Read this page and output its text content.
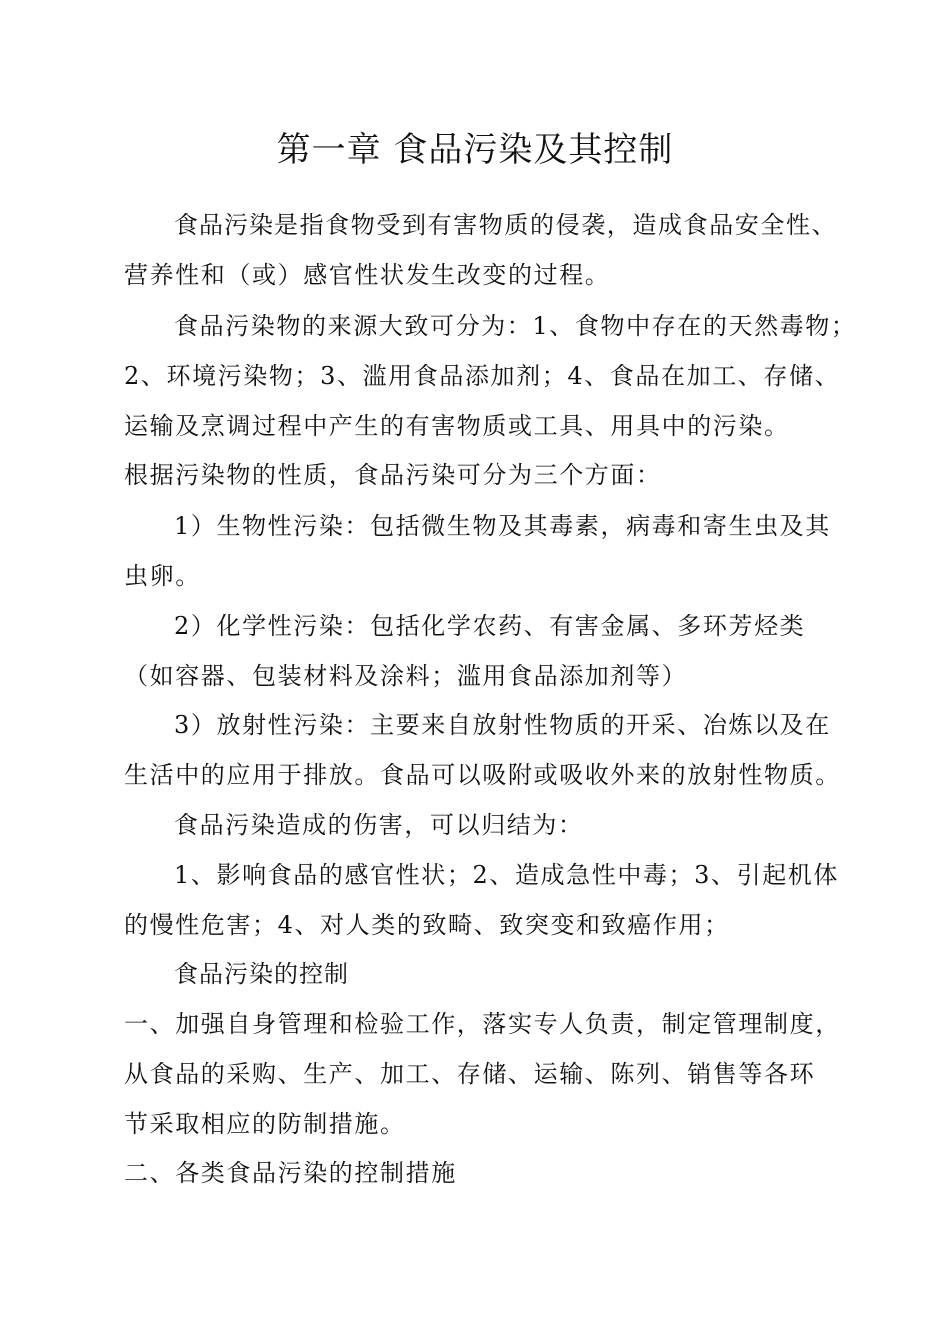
第一章 食品污染及其控制
食品污染是指食物受到有害物质的侵袭，造成食品安全性、
营养性和（或）感官性状发生改变的过程。
食品污染物的来源大致可分为：1、食物中存在的天然毒物；
2、环境污染物；3、滥用食品添加剂；4、食品在加工、存储、
运输及烹调过程中产生的有害物质或工具、用具中的污染。
根据污染物的性质，食品污染可分为三个方面：
1）生物性污染：包括微生物及其毒素，病毒和寄生虫及其
虫卵。
2）化学性污染：包括化学农药、有害金属、多环芳烃类
（如容器、包装材料及涂料；滥用食品添加剂等）
3）放射性污染：主要来自放射性物质的开采、冶炼以及在
生活中的应用于排放。食品可以吸附或吸收外来的放射性物质。
食品污染造成的伤害，可以归结为：
1、影响食品的感官性状；2、造成急性中毒；3、引起机体
的慢性危害；4、对人类的致畸、致突变和致癌作用；
食品污染的控制
一、加强自身管理和检验工作，落实专人负责，制定管理制度，
从食品的采购、生产、加工、存储、运输、陈列、销售等各环
节采取相应的防制措施。
二、各类食品污染的控制措施
